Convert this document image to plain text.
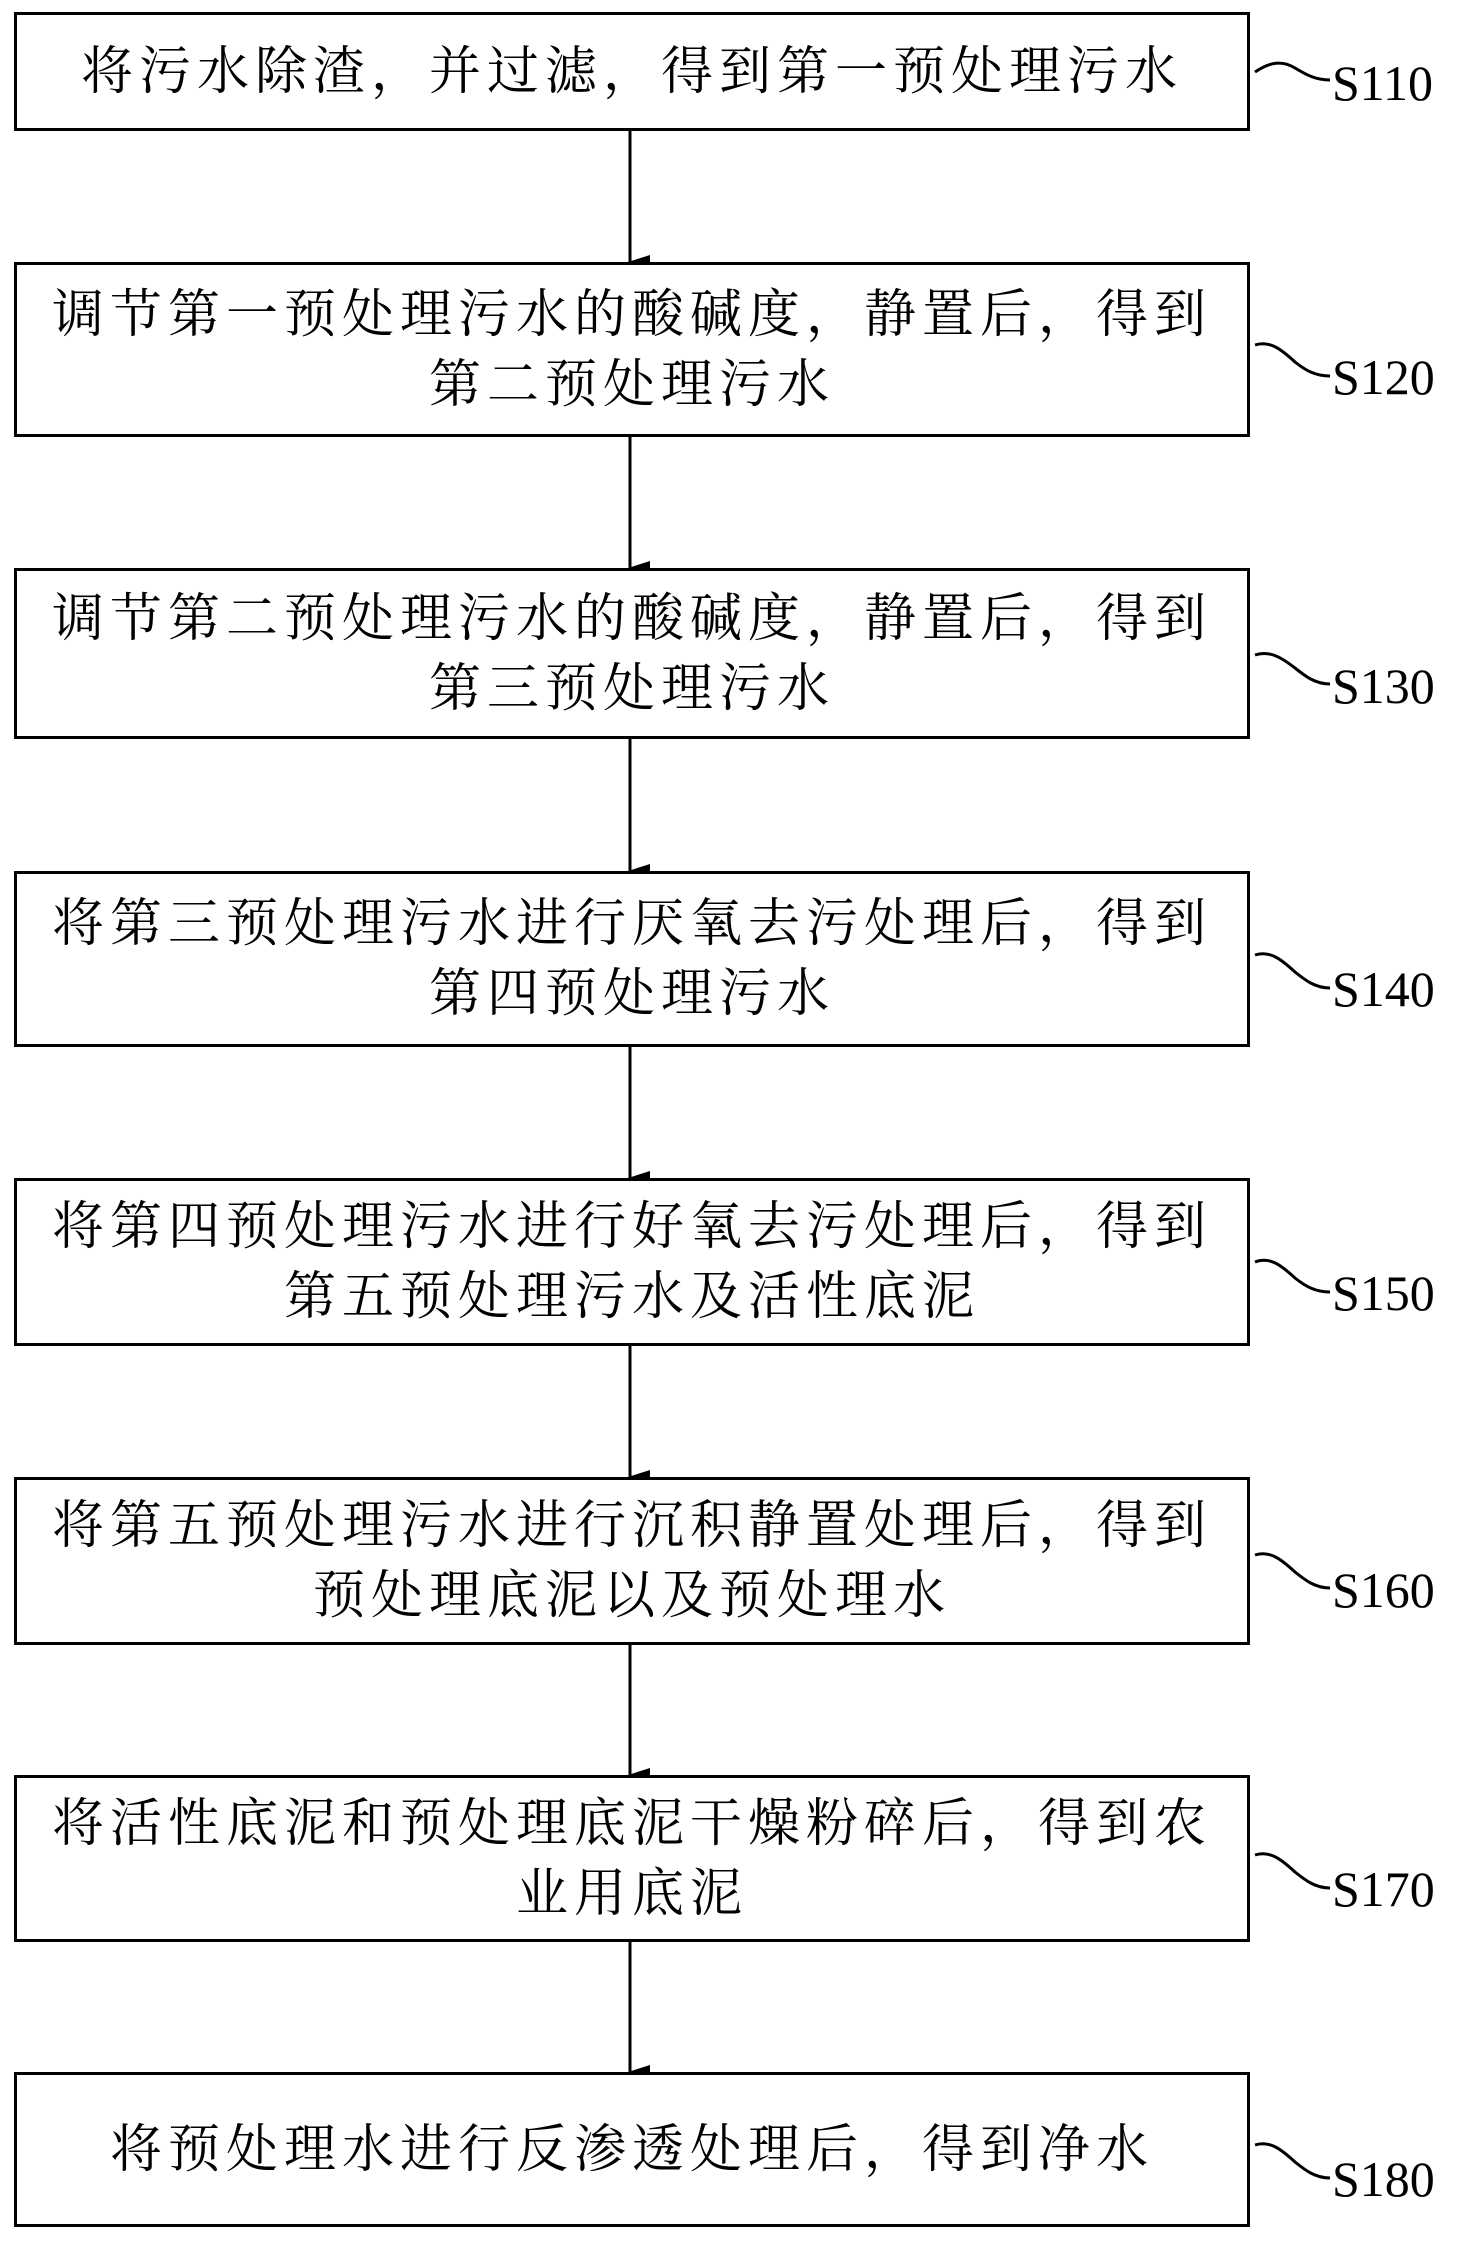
将污水除渣，并过滤，得到第一预处理污水
调节第一预处理污水的酸碱度，静置后，得到
第二预处理污水
调节第二预处理污水的酸碱度，静置后，得到
第三预处理污水
将第三预处理污水进行厌氧去污处理后，得到
第四预处理污水
将第四预处理污水进行好氧去污处理后，得到
第五预处理污水及活性底泥
将第五预处理污水进行沉积静置处理后，得到
预处理底泥以及预处理水
将活性底泥和预处理底泥干燥粉碎后，得到农
业用底泥
将预处理水进行反渗透处理后，得到净水
S110
S120
S130
S140
S150
S160
S170
S180
